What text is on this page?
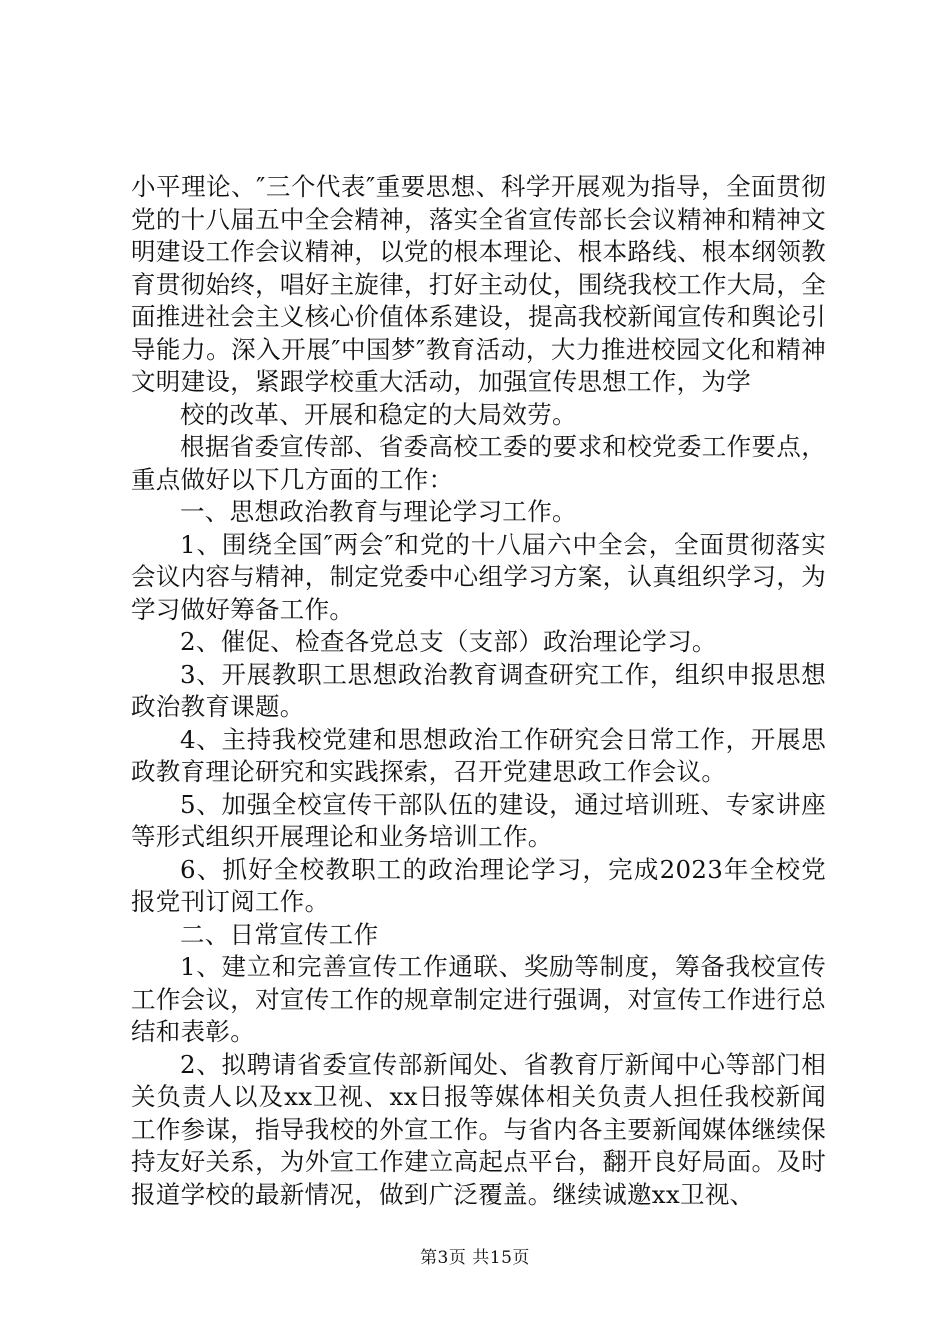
小平理论、″三个代表″重要思想、科学开展观为指导，全面贯彻党的十八届五中全会精神，落实全省宣传部长会议精神和精神文明建设工作会议精神，以党的根本理论、根本路线、根本纲领教育贯彻始终，唱好主旋律，打好主动仗，围绕我校工作大局，全面推进社会主义核心价值体系建设，提高我校新闻宣传和舆论引导能力。深入开展″中国梦″教育活动，大力推进校园文化和精神文明建设，紧跟学校重大活动，加强宣传思想工作，为学

校的改革、开展和稳定的大局效劳。

根据省委宣传部、省委高校工委的要求和校党委工作要点，重点做好以下几方面的工作：

一、思想政治教育与理论学习工作。

1、围绕全国″两会″和党的十八届六中全会，全面贯彻落实会议内容与精神，制定党委中心组学习方案，认真组织学习，为学习做好筹备工作。

2、催促、检查各党总支（支部）政治理论学习。

3、开展教职工思想政治教育调查研究工作，组织申报思想政治教育课题。

4、主持我校党建和思想政治工作研究会日常工作，开展思政教育理论研究和实践探索，召开党建思政工作会议。

5、加强全校宣传干部队伍的建设，通过培训班、专家讲座等形式组织开展理论和业务培训工作。

6、抓好全校教职工的政治理论学习，完成2023年全校党报党刊订阅工作。

二、日常宣传工作

1、建立和完善宣传工作通联、奖励等制度，筹备我校宣传工作会议，对宣传工作的规章制定进行强调，对宣传工作进行总结和表彰。

2、拟聘请省委宣传部新闻处、省教育厅新闻中心等部门相关负责人以及xx卫视、xx日报等媒体相关负责人担任我校新闻工作参谋，指导我校的外宣工作。与省内各主要新闻媒体继续保持友好关系，为外宣工作建立高起点平台，翻开良好局面。及时报道学校的最新情况，做到广泛覆盖。继续诚邀xx卫视、

第3页 共15页
